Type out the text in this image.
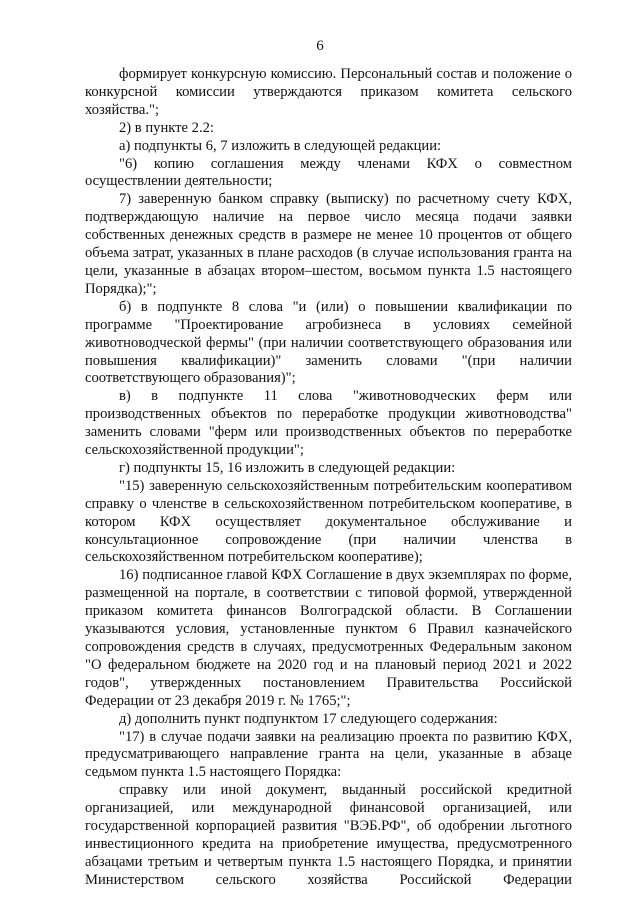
6

формирует конкурсную комиссию. Персональный состав и положение о конкурсной комиссии утверждаются приказом комитета сельского хозяйства.";

2) в пункте 2.2:

а) подпункты 6, 7 изложить в следующей редакции:

"6) копию соглашения между членами КФХ о совместном осуществлении деятельности;

7) заверенную банком справку (выписку) по расчетному счету КФХ, подтверждающую наличие на первое число месяца подачи заявки собственных денежных средств в размере не менее 10 процентов от общего объема затрат, указанных в плане расходов (в случае использования гранта на цели, указанные в абзацах втором–шестом, восьмом пункта 1.5 настоящего Порядка);";

б) в подпункте 8 слова "и (или) о повышении квалификации по программе "Проектирование агробизнеса в условиях семейной животноводческой фермы" (при наличии соответствующего образования или повышения квалификации)" заменить словами "(при наличии соответствующего образования)";

в) в подпункте 11 слова "животноводческих ферм или производственных объектов по переработке продукции животноводства" заменить словами "ферм или производственных объектов по переработке сельскохозяйственной продукции";

г) подпункты 15, 16 изложить в следующей редакции:

"15) заверенную сельскохозяйственным потребительским кооперативом справку о членстве в сельскохозяйственном потребительском кооперативе, в котором КФХ осуществляет документальное обслуживание и консультационное сопровождение (при наличии членства в сельскохозяйственном потребительском кооперативе);

16) подписанное главой КФХ Соглашение в двух экземплярах по форме, размещенной на портале, в соответствии с типовой формой, утвержденной приказом комитета финансов Волгоградской области. В Соглашении указываются условия, установленные пунктом 6 Правил казначейского сопровождения средств в случаях, предусмотренных Федеральным законом "О федеральном бюджете на 2020 год и на плановый период 2021 и 2022 годов", утвержденных постановлением Правительства Российской Федерации от 23 декабря 2019 г. № 1765;";

д) дополнить пункт подпунктом 17 следующего содержания:

"17) в случае подачи заявки на реализацию проекта по развитию КФХ, предусматривающего направление гранта на цели, указанные в абзаце седьмом пункта 1.5 настоящего Порядка:

справку или иной документ, выданный российской кредитной организацией, или международной финансовой организацией, или государственной корпорацией развития "ВЭБ.РФ", об одобрении льготного инвестиционного кредита на приобретение имущества, предусмотренного абзацами третьим и четвертым пункта 1.5 настоящего Порядка, и принятии Министерством сельского хозяйства Российской Федерации
